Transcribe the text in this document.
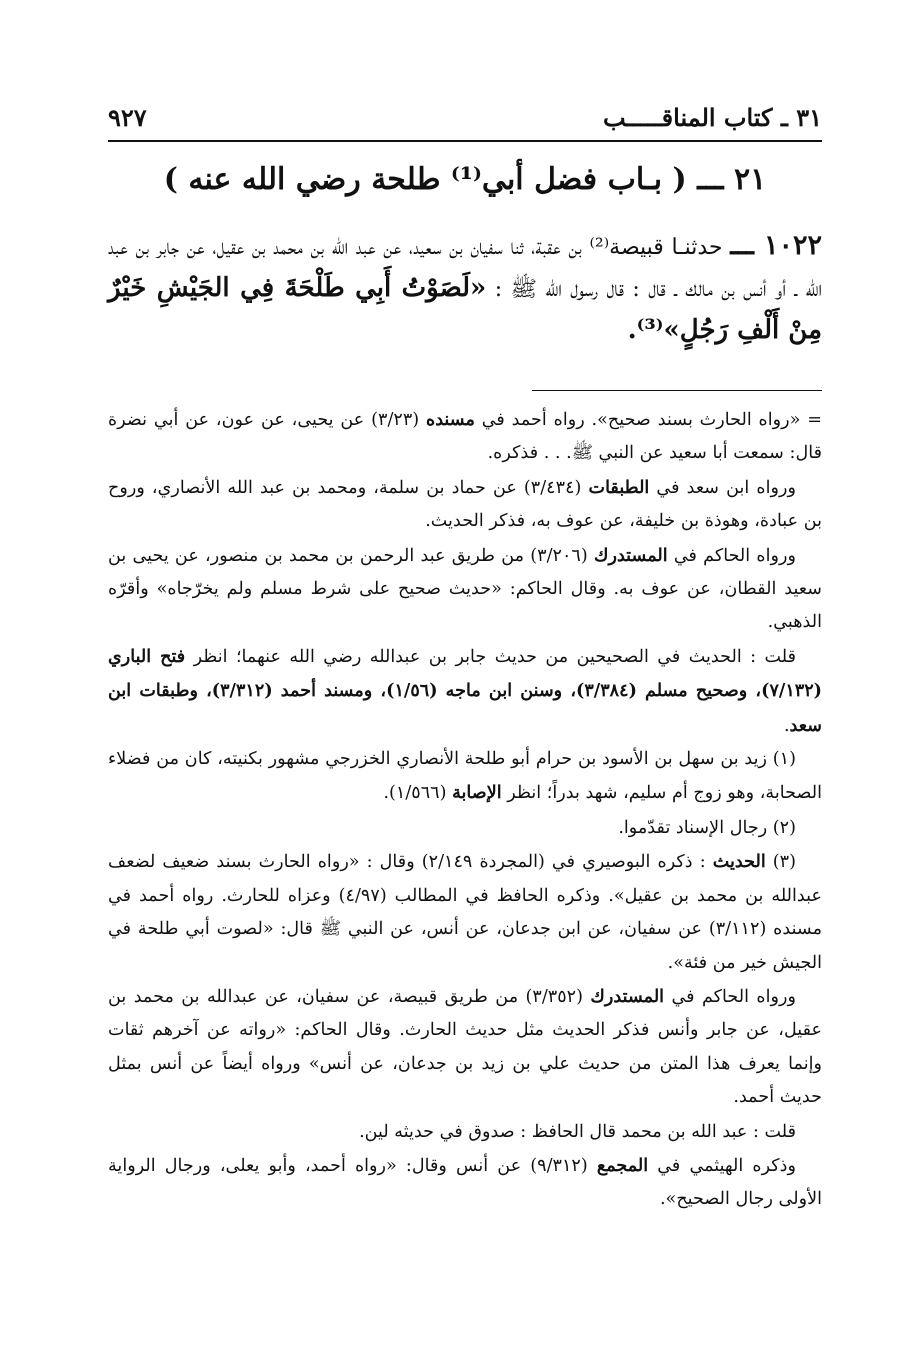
٣١ ـ كتاب المناقـــــب
٩٢٧
٢١ ـــ ( بـاب فضل أبي⁽¹⁾ طلحة رضي الله عنه )
١٠٢٢ ـــ حدثنـا قبيصة⁽²⁾ بن عقبة، ثنا سفيان بن سعيد، عن عبد الله بن محمد بن عقيل، عن جابر بن عبد الله ـ أو أنس بن مالك ـ قال : قال رسول الله ﷺ : «لَصَوْتُ أَبِي طَلْحَةَ فِي الجَيْشِ خَيْرٌ مِنْ أَلْفِ رَجُلٍ»⁽³⁾.

= «رواه الحارث بسند صحيح». رواه أحمد في مسنده (٣/٢٣) عن يحيى، عن عون، عن أبي نضرة قال: سمعت أبا سعيد عن النبي ﷺ. . . فذكره.

ورواه ابن سعد في الطبقات (٣/٤٣٤) عن حماد بن سلمة، ومحمد بن عبد الله الأنصاري، وروح بن عبادة، وهوذة بن خليفة، عن عوف به، فذكر الحديث.

ورواه الحاكم في المستدرك (٣/٢٠٦) من طريق عبد الرحمن بن محمد بن منصور، عن يحيى بن سعيد القطان، عن عوف به. وقال الحاكم: «حديث صحيح على شرط مسلم ولم يخرّجاه» وأقرّه الذهبي.

قلت : الحديث في الصحيحين من حديث جابر بن عبدالله رضي الله عنهما؛ انظر فتح الباري (٧/١٣٢)، وصحيح مسلم (٣/٣٨٤)، وسنن ابن ماجه (١/٥٦)، ومسند أحمد (٣/٣١٢)، وطبقات ابن سعد.

(١) زيد بن سهل بن الأسود بن حرام أبو طلحة الأنصاري الخزرجي مشهور بكنيته، كان من فضلاء الصحابة، وهو زوج أم سليم، شهد بدراً؛ انظر الإصابة (١/٥٦٦).

(٢) رجال الإسناد تقدّموا.

(٣) الحديث : ذكره البوصيري في (المجردة ٢/١٤٩) وقال : «رواه الحارث بسند ضعيف لضعف عبدالله بن محمد بن عقيل». وذكره الحافظ في المطالب (٤/٩٧) وعزاه للحارث. رواه أحمد في مسنده (٣/١١٢) عن سفيان، عن ابن جدعان، عن أنس، عن النبي ﷺ قال: «لصوت أبي طلحة في الجيش خير من فئة».

ورواه الحاكم في المستدرك (٣/٣٥٢) من طريق قبيصة، عن سفيان، عن عبدالله بن محمد بن عقيل، عن جابر وأنس فذكر الحديث مثل حديث الحارث. وقال الحاكم: «رواته عن آخرهم ثقات وإنما يعرف هذا المتن من حديث علي بن زيد بن جدعان، عن أنس» ورواه أيضاً عن أنس بمثل حديث أحمد.

قلت : عبد الله بن محمد قال الحافظ : صدوق في حديثه لين.

وذكره الهيثمي في المجمع (٩/٣١٢) عن أنس وقال: «رواه أحمد، وأبو يعلى، ورجال الرواية الأولى رجال الصحيح».
